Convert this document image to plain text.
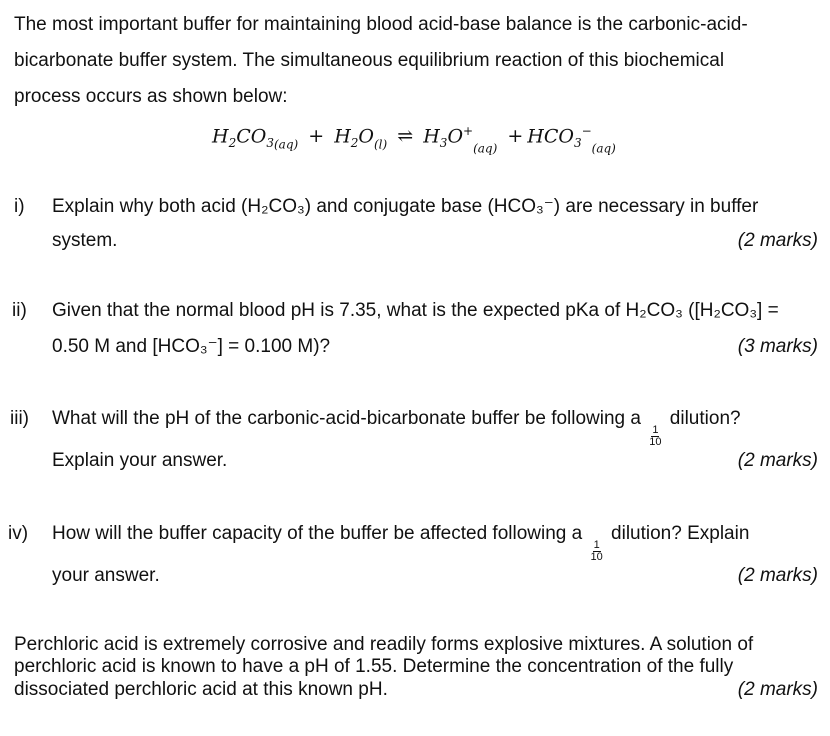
The most important buffer for maintaining blood acid-base balance is the carbonic-acid-
bicarbonate buffer system. The simultaneous equilibrium reaction of this biochemical
process occurs as shown below:
$H_2CO_{3(aq)} + H_2O_{(l)}$ ⇌ $H_3O^+_{(aq)} + HCO_3^-_{(aq)}$
i) Explain why both acid (H₂CO₃) and conjugate base (HCO₃⁻) are necessary in buffer
system.	(2 marks)
ii) Given that the normal blood pH is 7.35, what is the expected pKa of H₂CO₃ ([H₂CO₃] =
0.50 M and [HCO₃⁻] = 0.100 M)?	(3 marks)
iii) What will the pH of the carbonic-acid-bicarbonate buffer be following a
$\frac{1}{10}$
dilution?
Explain your answer.	(2 marks)
iv) How will the buffer capacity of the buffer be affected following a
$\frac{1}{10}$
dilution? Explain
your answer.	(2 marks)
Perchloric acid is extremely corrosive and readily forms explosive mixtures. A solution of
perchloric acid is known to have a pH of 1.55. Determine the concentration of the fully
dissociated perchloric acid at this known pH.	(2 marks)
